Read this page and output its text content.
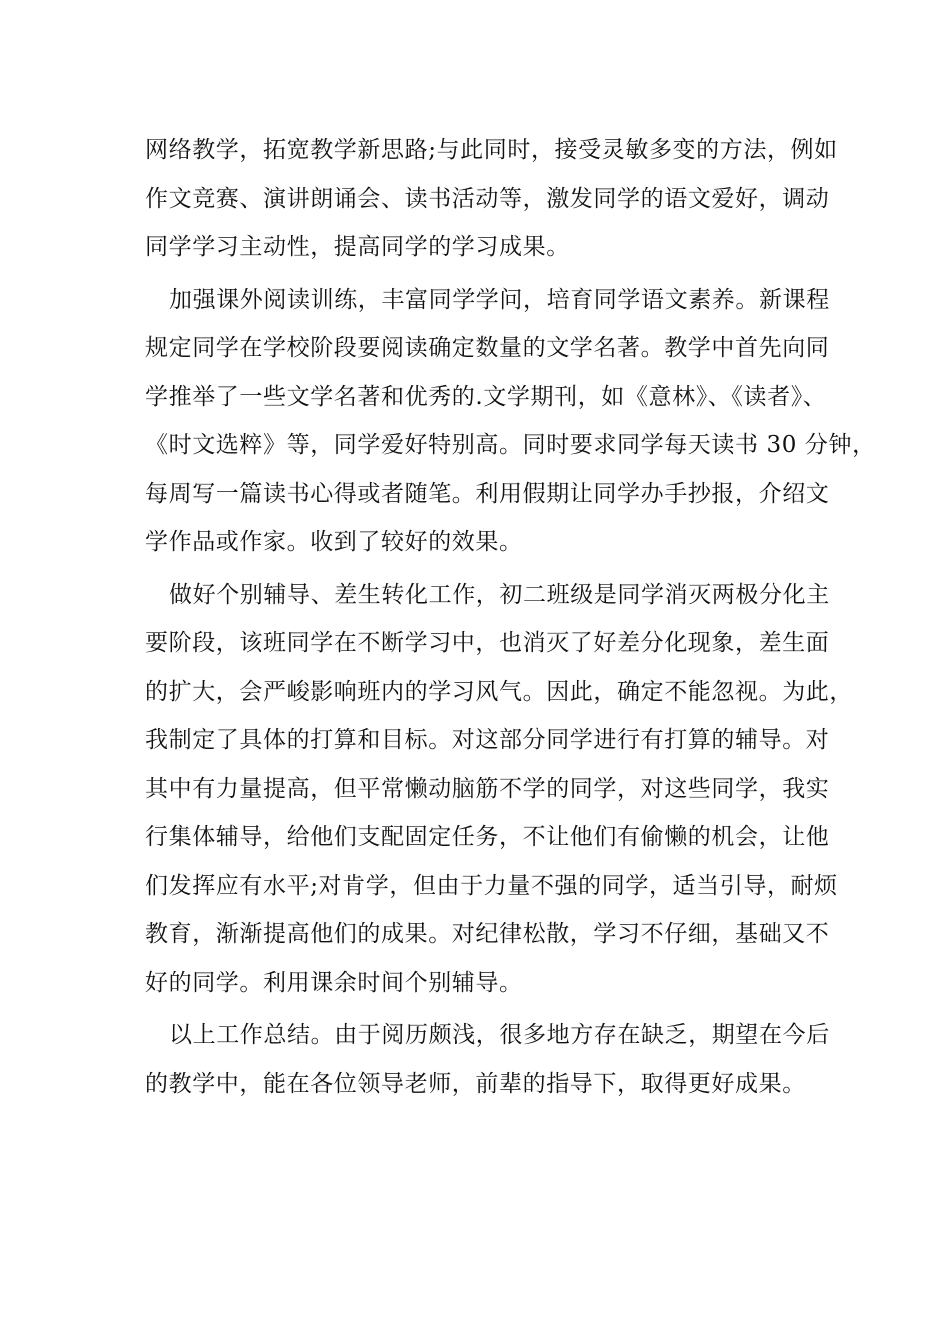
网络教学，拓宽教学新思路;与此同时，接受灵敏多变的方法，例如
作文竞赛、演讲朗诵会、读书活动等，激发同学的语文爱好，调动
同学学习主动性，提高同学的学习成果。
加强课外阅读训练，丰富同学学问，培育同学语文素养。新课程
规定同学在学校阶段要阅读确定数量的文学名著。教学中首先向同
学推举了一些文学名著和优秀的.文学期刊，如《意林》、《读者》、
《时文选粹》等，同学爱好特别高。同时要求同学每天读书 30 分钟，
每周写一篇读书心得或者随笔。利用假期让同学办手抄报，介绍文
学作品或作家。收到了较好的效果。
做好个别辅导、差生转化工作，初二班级是同学消灭两极分化主
要阶段，该班同学在不断学习中，也消灭了好差分化现象，差生面
的扩大，会严峻影响班内的学习风气。因此，确定不能忽视。为此，
我制定了具体的打算和目标。对这部分同学进行有打算的辅导。对
其中有力量提高，但平常懒动脑筋不学的同学，对这些同学，我实
行集体辅导，给他们支配固定任务，不让他们有偷懒的机会，让他
们发挥应有水平;对肯学，但由于力量不强的同学，适当引导，耐烦
教育，渐渐提高他们的成果。对纪律松散，学习不仔细，基础又不
好的同学。利用课余时间个别辅导。
以上工作总结。由于阅历颇浅，很多地方存在缺乏，期望在今后
的教学中，能在各位领导老师，前辈的指导下，取得更好成果。
